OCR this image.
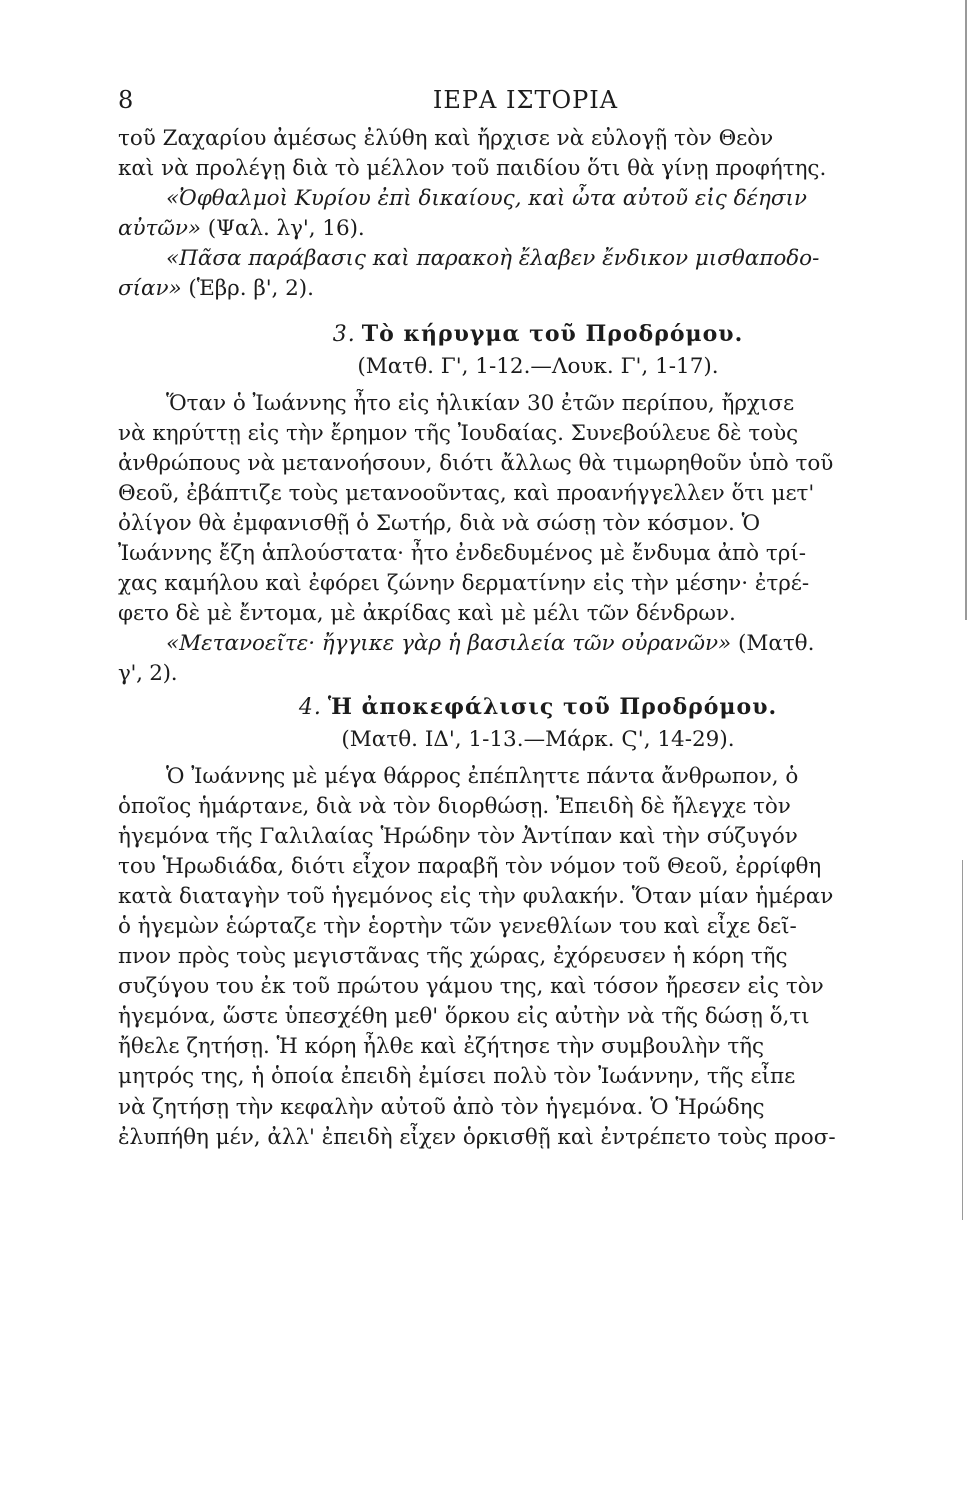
8	ΙΕΡΑ ΙΣΤΟΡΙΑ
τοῦ Ζαχαρίου ἀμέσως ἐλύθη καὶ ἤρχισε νὰ εὐλογῇ τὸν Θεὸν
καὶ νὰ προλέγῃ διὰ τὸ μέλλον τοῦ παιδίου ὅτι θὰ γίνῃ προφήτης.
«Ὀφθαλμοὶ Κυρίου ἐπὶ δικαίους, καὶ ὦτα αὐτοῦ εἰς δέησιν
αὐτῶν» (Ψαλ. λγ', 16).
«Πᾶσα παράβασις καὶ παρακοὴ ἔλαβεν ἔνδικον μισθαποδο-
σίαν» (Ἑβρ. β', 2).
3. Τὸ κήρυγμα τοῦ Προδρόμου.
(Ματθ. Γ', 1-12.—Λουκ. Γ', 1-17).
Ὅταν ὁ Ἰωάννης ἦτο εἰς ἡλικίαν 30 ἐτῶν περίπου, ἤρχισε
νὰ κηρύττῃ εἰς τὴν ἔρημον τῆς Ἰουδαίας. Συνεβούλευε δὲ τοὺς
ἀνθρώπους νὰ μετανοήσουν, διότι ἄλλως θὰ τιμωρηθοῦν ὑπὸ τοῦ
Θεοῦ, ἐβάπτιζε τοὺς μετανοοῦντας, καὶ προανήγγελλεν ὅτι μετ'
ὀλίγον θὰ ἐμφανισθῇ ὁ Σωτήρ, διὰ νὰ σώσῃ τὸν κόσμον. Ὁ
Ἰωάννης ἔζη ἁπλούστατα· ἦτο ἐνδεδυμένος μὲ ἔνδυμα ἀπὸ τρί-
χας καμήλου καὶ ἐφόρει ζώνην δερματίνην εἰς τὴν μέσην· ἐτρέ-
φετο δὲ μὲ ἔντομα, μὲ ἀκρίδας καὶ μὲ μέλι τῶν δένδρων.
«Μετανοεῖτε· ἤγγικε γὰρ ἡ βασιλεία τῶν οὐρανῶν» (Ματθ.
γ', 2).
4. Ἡ ἀποκεφάλισις τοῦ Προδρόμου.
(Ματθ. ΙΔ', 1-13.—Μάρκ. Ϛ', 14-29).
Ὁ Ἰωάννης μὲ μέγα θάρρος ἐπέπληττε πάντα ἄνθρωπον, ὁ
ὁποῖος ἡμάρτανε, διὰ νὰ τὸν διορθώσῃ. Ἐπειδὴ δὲ ἤλεγχε τὸν
ἡγεμόνα τῆς Γαλιλαίας Ἡρώδην τὸν Ἀντίπαν καὶ τὴν σύζυγόν
του Ἡρωδιάδα, διότι εἶχον παραβῆ τὸν νόμον τοῦ Θεοῦ, ἐρρίφθη
κατὰ διαταγὴν τοῦ ἡγεμόνος εἰς τὴν φυλακήν. Ὅταν μίαν ἡμέραν
ὁ ἡγεμὼν ἑώρταζε τὴν ἑορτὴν τῶν γενεθλίων του καὶ εἶχε δεῖ-
πνον πρὸς τοὺς μεγιστᾶνας τῆς χώρας, ἐχόρευσεν ἡ κόρη τῆς
συζύγου του ἐκ τοῦ πρώτου γάμου της, καὶ τόσον ἤρεσεν εἰς τὸν
ἡγεμόνα, ὥστε ὑπεσχέθη μεθ' ὅρκου εἰς αὐτὴν νὰ τῆς δώσῃ ὅ,τι
ἤθελε ζητήσῃ. Ἡ κόρη ἦλθε καὶ ἐζήτησε τὴν συμβουλὴν τῆς
μητρός της, ἡ ὁποία ἐπειδὴ ἐμίσει πολὺ τὸν Ἰωάννην, τῆς εἶπε
νὰ ζητήσῃ τὴν κεφαλὴν αὐτοῦ ἀπὸ τὸν ἡγεμόνα. Ὁ Ἡρώδης
ἐλυπήθη μέν, ἀλλ' ἐπειδὴ εἶχεν ὁρκισθῇ καὶ ἐντρέπετο τοὺς προσ-
